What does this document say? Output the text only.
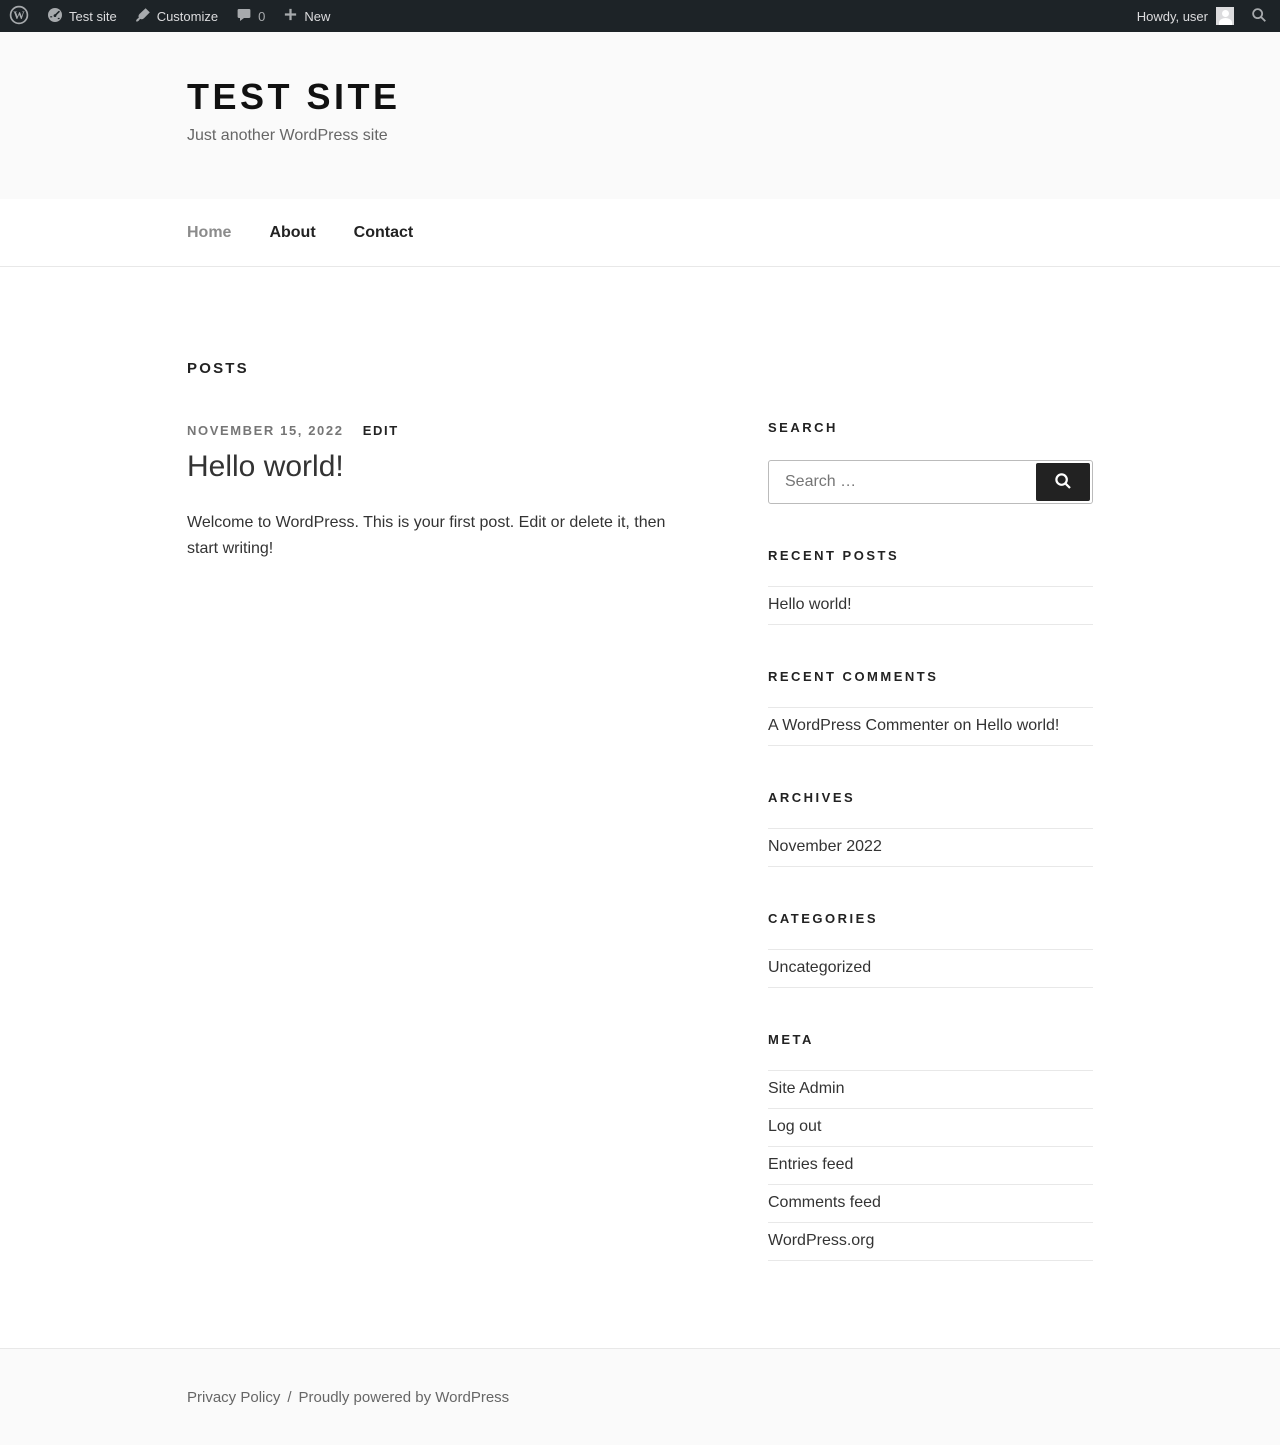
W	Test site	Customize	0	New	Howdy, user
TEST SITE
Just another WordPress site
Home About Contact
POSTS
NOVEMBER 15, 2022 EDIT
Hello world!

Welcome to WordPress. This is your first post. Edit or delete it, then start writing!

SEARCH
Search …
RECENT POSTS
Hello world!
RECENT COMMENTS
A WordPress Commenter on Hello world!
ARCHIVES
November 2022
CATEGORIES
Uncategorized
META
Site Admin
Log out
Entries feed
Comments feed
WordPress.org
Privacy Policy / Proudly powered by WordPress
